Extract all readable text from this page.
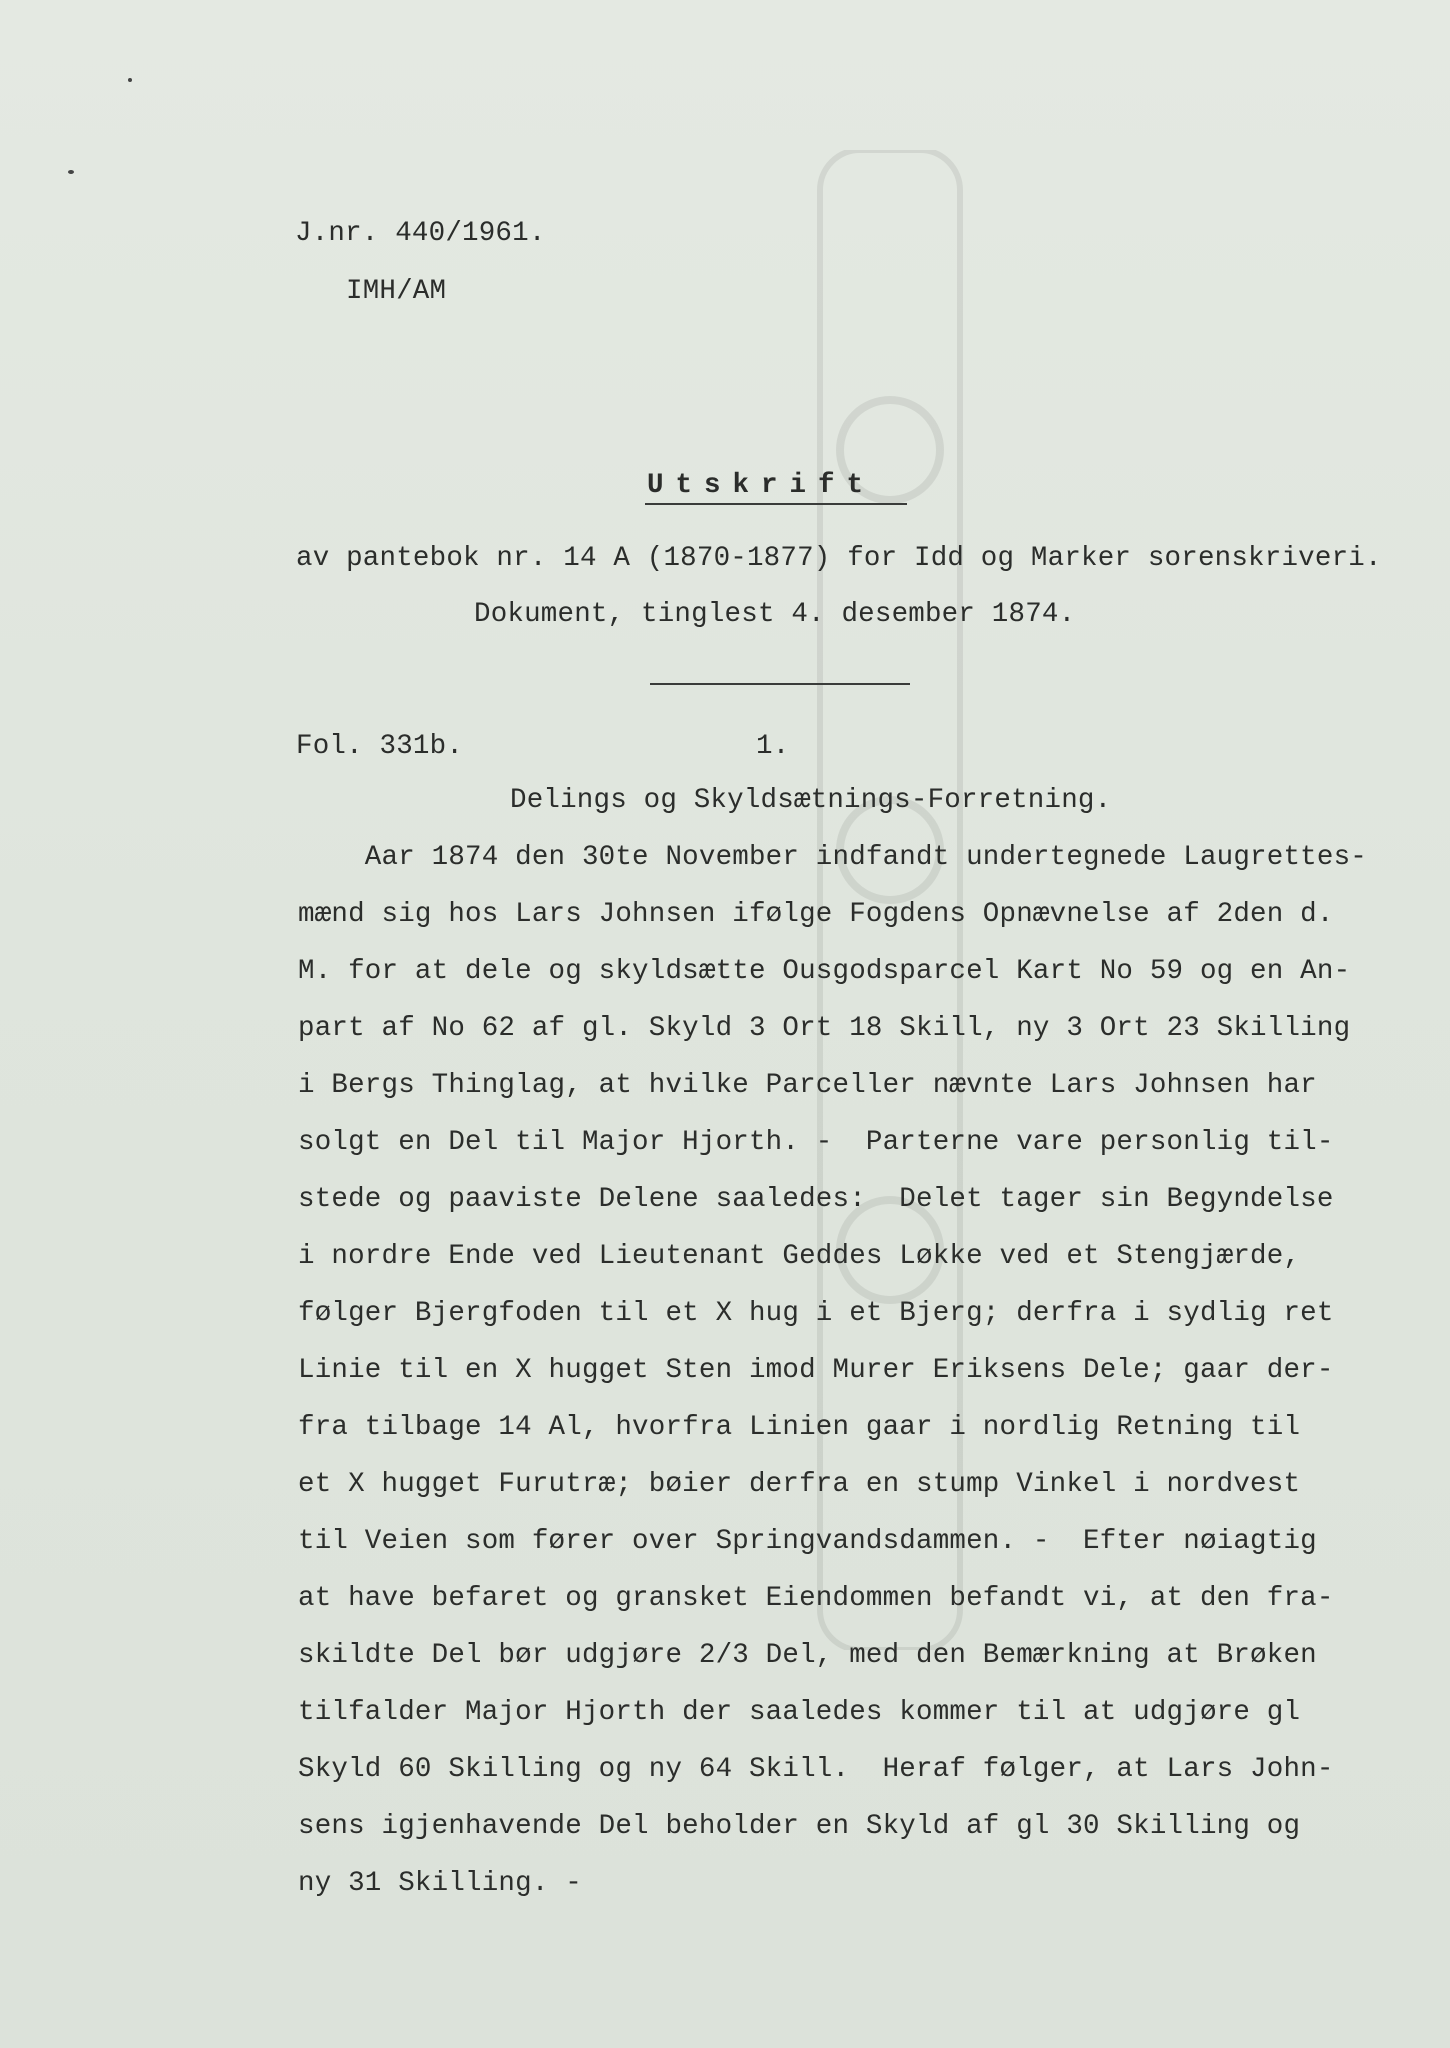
J.nr. 440/1961.
IMH/AM
Utskrift
av pantebok nr. 14 A (1870-1877) for Idd og Marker sorenskriveri.
Dokument, tinglest 4. desember 1874.
Fol. 331b.	1.
Delings og Skyldsætnings-Forretning.
Aar 1874 den 30te November indfandt undertegnede Laugrettes-
mænd sig hos Lars Johnsen ifølge Fogdens Opnævnelse af 2den d.
M. for at dele og skyldsætte Ousgodsparcel Kart No 59 og en An-
part af No 62 af gl. Skyld 3 Ort 18 Skill, ny 3 Ort 23 Skilling
i Bergs Thinglag, at hvilke Parceller nævnte Lars Johnsen har
solgt en Del til Major Hjorth. -  Parterne vare personlig til-
stede og paaviste Delene saaledes:  Delet tager sin Begyndelse
i nordre Ende ved Lieutenant Geddes Løkke ved et Stengjærde,
følger Bjergfoden til et X hug i et Bjerg; derfra i sydlig ret
Linie til en X hugget Sten imod Murer Eriksens Dele; gaar der-
fra tilbage 14 Al, hvorfra Linien gaar i nordlig Retning til
et X hugget Furutræ; bøier derfra en stump Vinkel i nordvest
til Veien som fører over Springvandsdammen. -  Efter nøiagtig
at have befaret og gransket Eiendommen befandt vi, at den fra-
skildte Del bør udgjøre 2/3 Del, med den Bemærkning at Brøken
tilfalder Major Hjorth der saaledes kommer til at udgjøre gl
Skyld 60 Skilling og ny 64 Skill.  Heraf følger, at Lars John-
sens igjenhavende Del beholder en Skyld af gl 30 Skilling og
ny 31 Skilling. -
